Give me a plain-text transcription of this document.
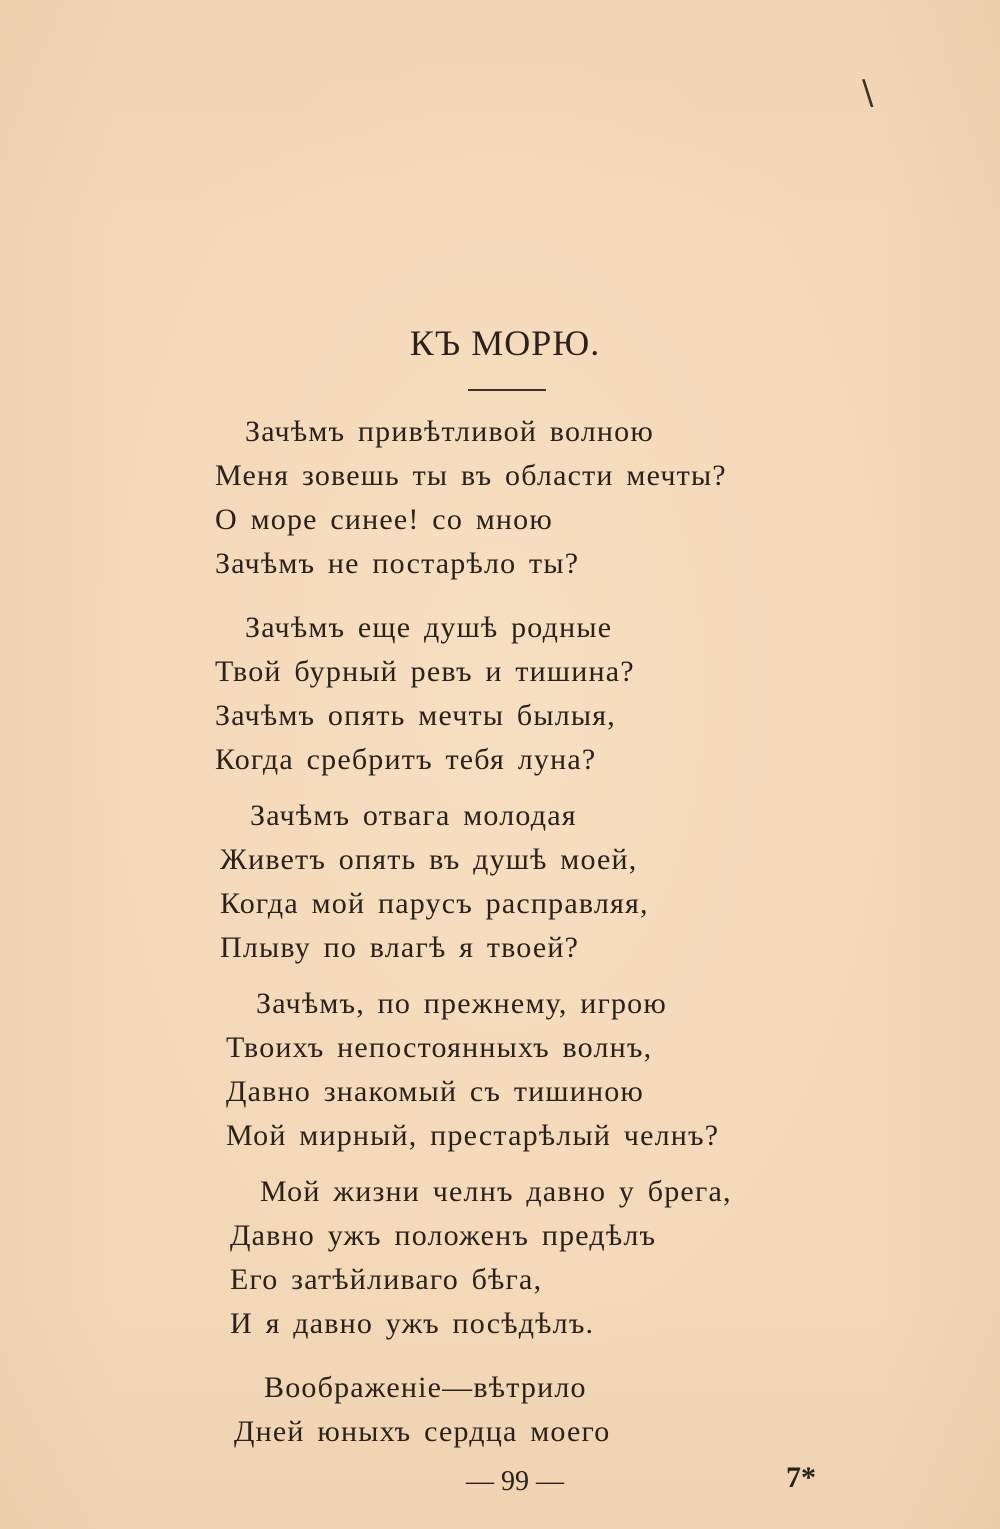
\
КЪ МОРЮ.
Зачѣмъ привѣтливой волною
Меня зовешь ты въ области мечты?
О море синее! со мною
Зачѣмъ не постарѣло ты?
Зачѣмъ еще душѣ родные
Твой бурный ревъ и тишина?
Зачѣмъ опять мечты былыя,
Когда сребритъ тебя луна?
Зачѣмъ отвага молодая
Живетъ опять въ душѣ моей,
Когда мой парусъ расправляя,
Плыву по влагѣ я твоей?
Зачѣмъ, по прежнему, игрою
Твоихъ непостоянныхъ волнъ,
Давно знакомый съ тишиною
Мой мирный, престарѣлый челнъ?
Мой жизни челнъ давно у брега,
Давно ужъ положенъ предѣлъ
Его затѣйливаго бѣга,
И я давно ужъ посѣдѣлъ.
Воображеніе—вѣтрило
Дней юныхъ сердца моего
— 99 —	7*
